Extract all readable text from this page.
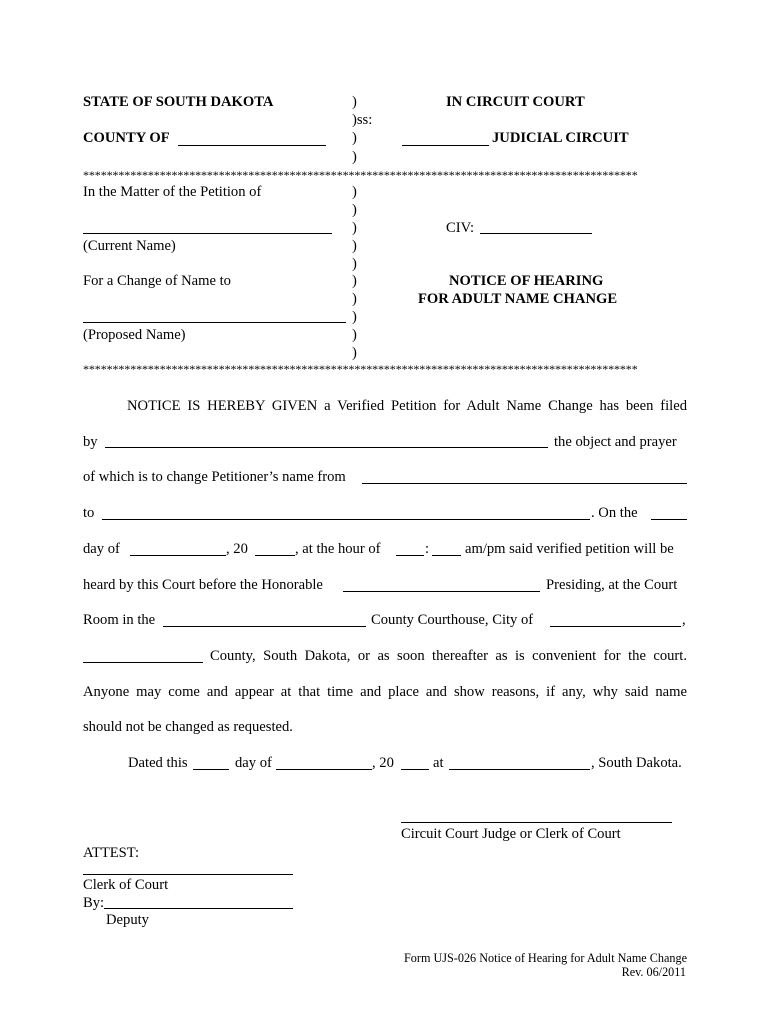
STATE OF SOUTH DAKOTA	)	IN CIRCUIT COURT
)ss:
COUNTY OF	)	JUDICIAL CIRCUIT
)
**********************************************************************************************
In the Matter of the Petition of	)
)
)	CIV:
(Current Name)	)
)
For a Change of Name to	)	NOTICE OF HEARING
)	FOR ADULT NAME CHANGE
)
(Proposed Name)	)
)
**********************************************************************************************
NOTICE IS HEREBY GIVEN a Verified Petition for Adult Name Change has been filed
by	the object and prayer
of which is to change Petitioner’s name from
to	. On the
day of	, 20	, at the hour of	: am/pm said verified petition will be
heard by this Court before the Honorable	Presiding, at the Court
Room in the	County Courthouse, City of	,
County, South Dakota, or as soon thereafter as is convenient for the court.
Anyone may come and appear at that time and place and show reasons, if any, why said name
should not be changed as requested.
Dated this	day of	, 20	at	, South Dakota.
Circuit Court Judge or Clerk of Court
ATTEST:
Clerk of Court
By:
Deputy
Form UJS-026 Notice of Hearing for Adult Name Change
Rev. 06/2011
